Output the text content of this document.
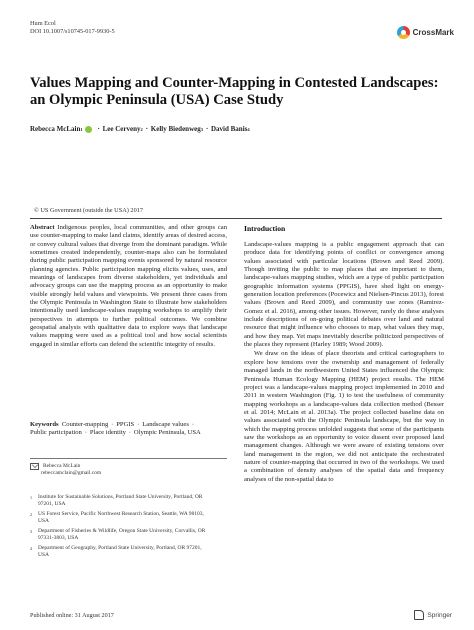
Hum Ecol
DOI 10.1007/s10745-017-9930-5	CrossMark
Values Mapping and Counter-Mapping in Contested Landscapes: an Olympic Peninsula (USA) Case Study
Rebecca McLain 1	· Lee Cerveny 2 · Kelly Biedenweg 3 · David Banis 4
© US Government (outside the USA) 2017

Abstract Indigenous peoples, local communities, and other groups can use counter-mapping to make land claims, identify areas of desired access, or convey cultural values that diverge from the dominant paradigm. While sometimes created independently, counter-maps also can be formulated during public participation mapping events sponsored by natural resource planning agencies. Public participation mapping elicits values, uses, and meanings of landscapes from diverse stakeholders, yet individuals and advocacy groups can use the mapping process as an opportunity to make visible strongly held values and viewpoints. We present three cases from the Olympic Peninsula in Washington State to illustrate how stakeholders intentionally used landscape-values mapping workshops to amplify their perspectives in attempts to further political outcomes. We combine geospatial analysis with qualitative data to explore ways that landscape values mapping were used as a political tool and how social scientists engaged in similar efforts can defend the scientific integrity of results.

Keywords Counter-mapping · PPGIS · Landscape values ·
Public participation · Place identity · Olympic Peninsula, USA
Rebecca McLain
rebeccamclain@gmail.com
1	Institute for Sustainable Solutions, Portland State University, Portland, OR 97201, USA
2	US Forest Service, Pacific Northwest Research Station, Seattle, WA 98103, USA
3	Department of Fisheries & Wildlife, Oregon State University, Corvallis, OR 97331-3803, USA
4	Department of Geography, Portland State University, Portland, OR 97201, USA
Introduction

Landscape-values mapping is a public engagement approach that can produce data for identifying points of conflict or convergence among values associated with particular locations (Brown and Reed 2009). Though inviting the public to map places that are important to them, landscape-values mapping studies, which are a type of public participation geographic information systems (PPGIS), have shed light on energy-generation location preferences (Pocewicz and Nielsen-Pincus 2013), forest values (Brown and Reed 2009), and community use zones (Ramirez-Gomez et al. 2016), among other issues. However, rarely do these analyses include descriptions of on-going political debates over land and natural resource that might influence who chooses to map, what values they map, and how they map. Yet maps inevitably describe politicized perspectives of the places they represent (Harley 1989; Wood 2009).

We draw on the ideas of place theorists and critical cartographers to explore how tensions over the ownership and management of federally managed lands in the northwestern United States influenced the Olympic Peninsula Human Ecology Mapping (HEM) project results. The HEM project was a landscape-values mapping project implemented in 2010 and 2011 in western Washington (Fig. 1) to test the usefulness of community mapping workshops as a landscape-values data collection method (Besser et al. 2014; McLain et al. 2013a). The project collected baseline data on values associated with the Olympic Peninsula landscape, but the way in which the mapping process unfolded suggests that some of the participants saw the workshops as an opportunity to voice dissent over proposed land management changes. Although we were aware of existing tensions over land management in the region, we did not anticipate the orchestrated nature of counter-mapping that occurred in two of the workshops. We used a combination of density analyses of the spatial data and frequency analyses of the non-spatial data to

Published online: 31 August 2017	Springer
